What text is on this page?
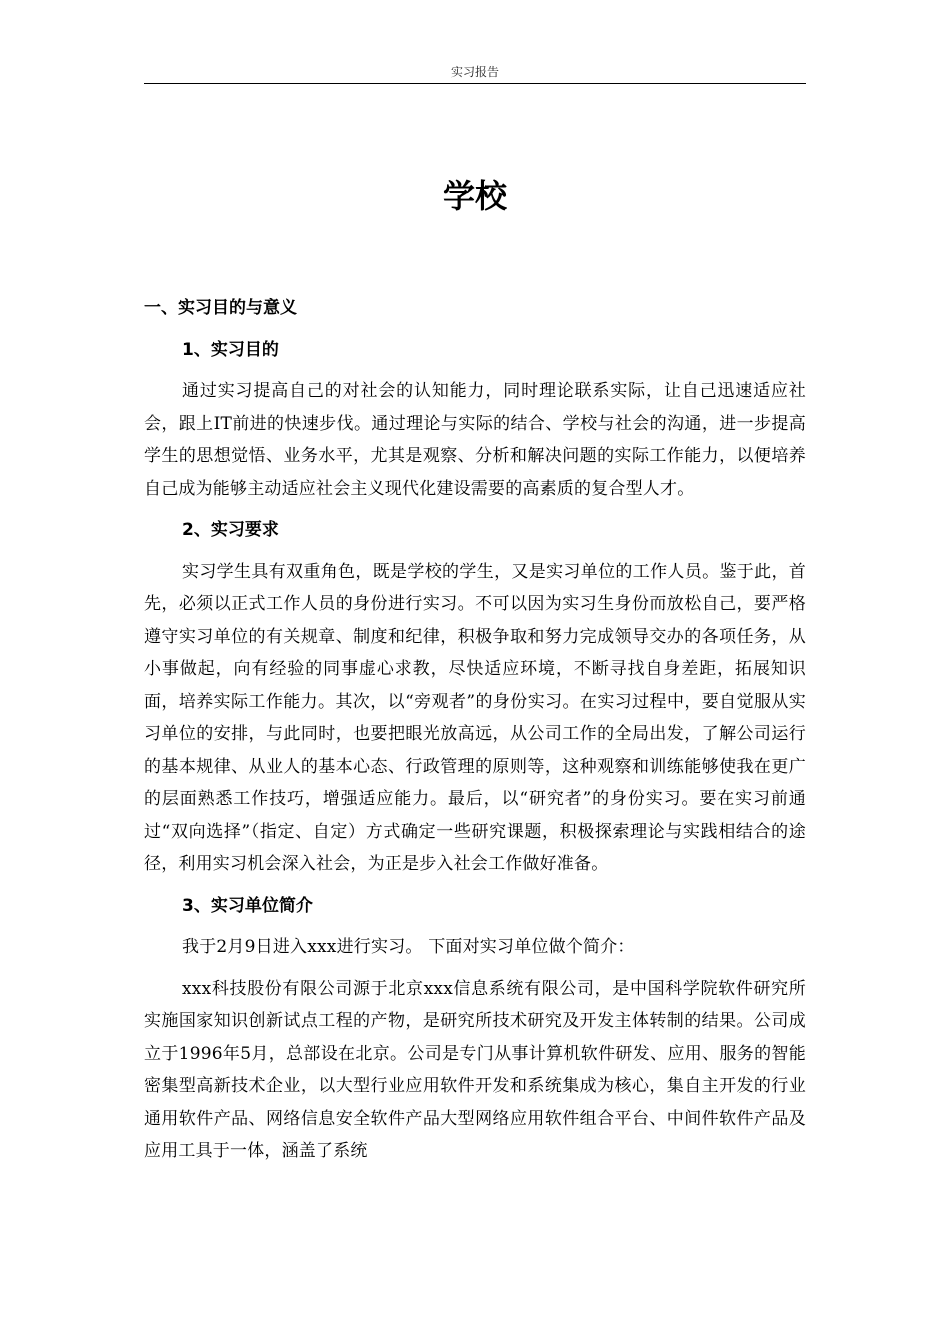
实习报告
学校
一、实习目的与意义
1、实习目的

通过实习提高自己的对社会的认知能力，同时理论联系实际，让自己迅速适应社会，跟上IT前进的快速步伐。通过理论与实际的结合、学校与社会的沟通，进一步提高学生的思想觉悟、业务水平，尤其是观察、分析和解决问题的实际工作能力，以便培养自己成为能够主动适应社会主义现代化建设需要的高素质的复合型人才。

2、实习要求

实习学生具有双重角色，既是学校的学生，又是实习单位的工作人员。鉴于此，首先，必须以正式工作人员的身份进行实习。不可以因为实习生身份而放松自己，要严格遵守实习单位的有关规章、制度和纪律，积极争取和努力完成领导交办的各项任务，从小事做起，向有经验的同事虚心求教，尽快适应环境，不断寻找自身差距，拓展知识面，培养实际工作能力。其次，以“旁观者”的身份实习。在实习过程中，要自觉服从实习单位的安排，与此同时，也要把眼光放高远，从公司工作的全局出发，了解公司运行的基本规律、从业人的基本心态、行政管理的原则等，这种观察和训练能够使我在更广的层面熟悉工作技巧，增强适应能力。最后，以“研究者”的身份实习。要在实习前通过“双向选择”（指定、自定）方式确定一些研究课题，积极探索理论与实践相结合的途径，利用实习机会深入社会，为正是步入社会工作做好准备。

3、实习单位简介

我于2月9日进入xxx进行实习。 下面对实习单位做个简介：

xxx科技股份有限公司源于北京xxx信息系统有限公司，是中国科学院软件研究所实施国家知识创新试点工程的产物，是研究所技术研究及开发主体转制的结果。公司成立于1996年5月，总部设在北京。公司是专门从事计算机软件研发、应用、服务的智能密集型高新技术企业，以大型行业应用软件开发和系统集成为核心，集自主开发的行业通用软件产品、网络信息安全软件产品大型网络应用软件组合平台、中间件软件产品及应用工具于一体，涵盖了系统
